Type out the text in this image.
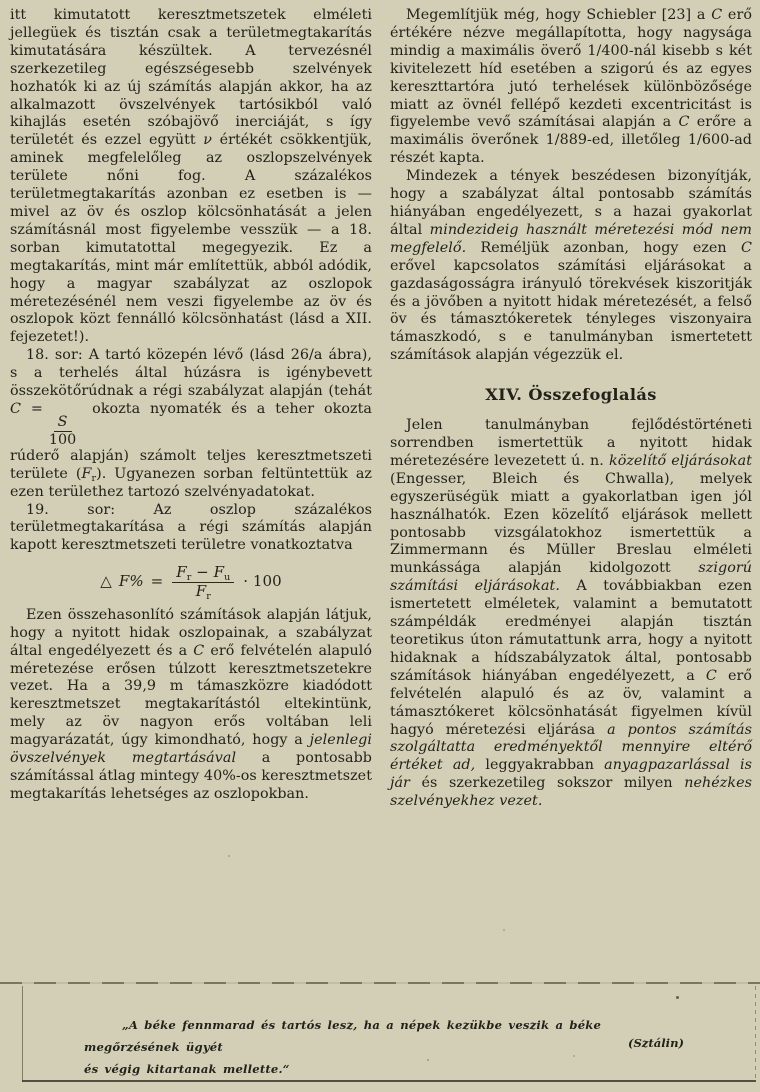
itt kimutatott keresztmetszetek elméleti jellegüek és tisztán csak a területmegtakarítás kimutatására készültek. A tervezésnél szerkezetileg egészségesebb szelvények hozhatók ki az új számítás alapján akkor, ha az alkalmazott övszelvények tartósikból való kihajlás esetén szóbajövő inerciáját, s így területét és ezzel együtt ν értékét csökkentjük, aminek megfelelőleg az oszlopszelvények területe nőni fog. A százalékos területmegtakarítás azonban ez esetben is — mivel az öv és oszlop kölcsönhatását a jelen számításnál most figyelembe vesszük — a 18. sorban kimutatottal megegyezik. Ez a megtakarítás, mint már említettük, abból adódik, hogy a magyar szabályzat az oszlopok méretezésénél nem veszi figyelembe az öv és oszlopok közt fennálló kölcsönhatást (lásd a XII. fejezetet!).

18. sor: A tartó közepén lévő (lásd 26/a ábra), s a terhelés által húzásra is igénybevett összekötőrúdnak a régi szabályzat alapján (tehát C =
$\frac{S}{100}$
okozta nyomaték és a teher okozta rúderő alapján) számolt teljes keresztmetszeti területe $(F_r)$. Ugyanezen sorban feltüntettük az ezen területhez tartozó szelvényadatokat.

19. sor: Az oszlop százalékos területmegtakarítása a régi számítás alapján kapott keresztmetszeti területre vonatkoztatva

△ $F\% = \frac{F_r - F_u}{F_r} \cdot 100$

Ezen összehasonlító számítások alapján látjuk, hogy a nyitott hidak oszlopainak, a szabályzat által engedélyezett és a C erő felvételén alapuló méretezése erősen túlzott keresztmetszetekre vezet. Ha a 39,9 m támaszközre kiadódott keresztmetszet megtakarítástól eltekintünk, mely az öv nagyon erős voltában leli magyarázatát, úgy kimondható, hogy a jelenlegi övszelvények megtartásával a pontosabb számítással átlag mintegy 40%-os keresztmetszet megtakarítás lehetséges az oszlopokban.

Megemlítjük még, hogy Schiebler [23] a C erő értékére nézve megállapította, hogy nagysága mindig a maximális överő 1/400-nál kisebb s két kivitelezett híd esetében a szigorú és az egyes kereszttartóra jutó terhelések különbözősége miatt az övnél fellépő kezdeti excentricitást is figyelembe vevő számításai alapján a C erőre a maximális överőnek 1/889-ed, illetőleg 1/600-ad részét kapta.

Mindezek a tények beszédesen bizonyítják, hogy a szabályzat által pontosabb számítás hiányában engedélyezett, s a hazai gyakorlat által mindezideig használt méretezési mód nem megfelelő. Reméljük azonban, hogy ezen C erővel kapcsolatos számítási eljárásokat a gazdaságosságra irányuló törekvések kiszoritják és a jövőben a nyitott hidak méretezését, a felső öv és támasztókeretek tényleges viszonyaira támaszkodó, s e tanulmányban ismertetett számítások alapján végezzük el.

XIV. Összefoglalás

Jelen tanulmányban fejlődéstörténeti sorrendben ismertettük a nyitott hidak méretezésére levezetett ú. n. közelítő eljárásokat (Engesser, Bleich és Chwalla), melyek egyszerüségük miatt a gyakorlatban igen jól használhatók. Ezen közelítő eljárások mellett pontosabb vizsgálatokhoz ismertettük a Zimmermann és Müller Breslau elméleti munkássága alapján kidolgozott szigorú számítási eljárásokat. A továbbiakban ezen ismertetett elméletek, valamint a bemutatott számpéldák eredményei alapján tisztán teoretikus úton rámutattunk arra, hogy a nyitott hidaknak a hídszabályzatok által, pontosabb számítások hiányában engedélyezett, a C erő felvételén alapuló és az öv, valamint a támasztókeret kölcsönhatását figyelmen kívül hagyó méretezési eljárása a pontos számítás szolgáltatta eredményektől mennyire eltérő értéket ad, leggyakrabban anyagpazarlással is jár és szerkezetileg sokszor milyen nehézkes szelvényekhez vezet.

„A béke fennmarad és tartós lesz, ha a népek kezükbe veszik a béke megőrzésének ügyét
és végig kitartanak mellette.“
(Sztálin)
